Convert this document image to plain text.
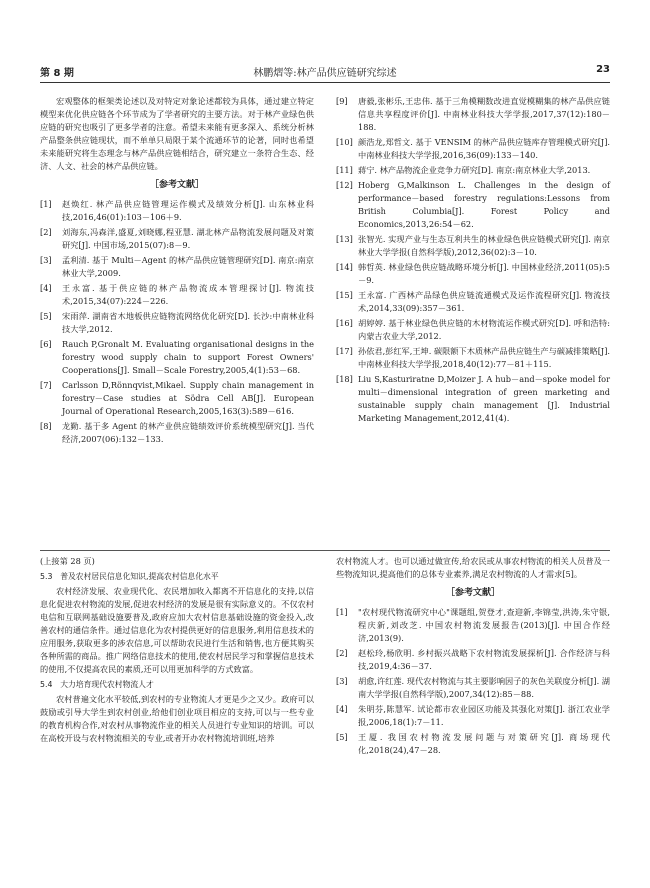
第 8 期	林鹏熠等:林产品供应链研究综述	23

宏观整体的框架类论述以及对特定对象论述都较为具体，通过建立特定模型来优化供应链各个环节成为了学者研究的主要方法。对于林产业绿色供应链的研究也吸引了更多学者的注意。希望未来能有更多深入、系统分析林产品整条供应链现状，而不单单只局限于某个流通环节的论著，同时也希望未来能研究将生态理念与林产品供应链相结合，研究建立一条符合生态、经济、人文、社会的林产品供应链。

［参考文献］
[1] 赵焕红. 林产品供应链管理运作模式及绩效分析[J]. 山东林业科技,2016,46(01):103－106＋9.
[2] 刘海东,冯森洋,盛夏,刘晓娜,程亚慧. 湖北林产品物流发展问题及对策研究[J]. 中国市场,2015(07):8－9.
[3] 孟利清. 基于 Multi－Agent 的林产品供应链管理研究[D]. 南京:南京林业大学,2009.
[4] 王永富. 基于供应链的林产品物流成本管理探讨[J]. 物流技术,2015,34(07):224－226.
[5] 宋雨萍. 湖南省木地板供应链物流网络优化研究[D]. 长沙:中南林业科技大学,2012.
[6] Rauch P,Gronalt M. Evaluating organisational designs in the forestry wood supply chain to support Forest Owners' Cooperations[J]. Small－Scale Forestry,2005,4(1):53－68.
[7] Carlsson D,Rönnqvist,Mikael. Supply chain management in forestry－Case studies at Södra Cell AB[J]. European Journal of Operational Research,2005,163(3):589－616.
[8] 龙勤. 基于多 Agent 的林产业供应链绩效评价系统模型研究[J]. 当代经济,2007(06):132－133.
[9] 唐毅,张彬乐,王忠伟. 基于三角模糊数改进直觉模糊集的林产品供应链信息共享程度评价[J]. 中南林业科技大学学报,2017,37(12):180－188.
[10] 颜浩龙,郑哲文. 基于 VENSIM 的林产品供应链库存管理模式研究[J]. 中南林业科技大学学报,2016,36(09):133－140.
[11] 蔣宁. 林产品物流企业竞争力研究[D]. 南京:南京林业大学,2013.
[12] Hoberg G,Malkinson L. Challenges in the design of performance－based forestry regulations:Lessons from British Columbia[J]. Forest Policy and Economics,2013,26:54－62.
[13] 张智光. 实现产业与生态互利共生的林业绿色供应链模式研究[J]. 南京林业大学学报(自然科学版),2012,36(02):3－10.
[14] 韩哲英. 林业绿色供应链战略环境分析[J]. 中国林业经济,2011(05):5－9.
[15] 王永富. 广西林产品绿色供应链流通模式及运作流程研究[J]. 物流技术,2014,33(09):357－361.
[16] 胡婷婷. 基于林业绿色供应链的木材物流运作模式研究[D]. 呼和浩特:内蒙古农业大学,2012.
[17] 孙依君,彭红军,王坤. 碳限额下木质林产品供应链生产与碳减排策略[J]. 中南林业科技大学学报,2018,40(12):77－81＋115.
[18] Liu S,Kasturiratne D,Moizer J. A hub－and－spoke model for multi－dimensional integration of green marketing and sustainable supply chain management [J]. Industrial Marketing Management,2012,41(4).

(上接第 28 页)

5.3　普及农村居民信息化知识,提高农村信息化水平

农村经济发展、农业现代化、农民增加收入都离不开信息化的支持,以信息化促进农村物流的发展,促进农村经济的发展是很有实际意义的。不仅农村电信和互联网基础设施要普及,政府应加大农村信息基础设施的资金投入,改善农村的通信条件。通过信息化为农村提供更好的信息服务,利用信息技术的应用服务,获取更多的涉农信息,可以帮助农民进行生活和销售,也方便其购买各种所需的商品。推广网络信息技术的使用,使农村居民学习和掌握信息技术的使用,不仅提高农民的素质,还可以用更加科学的方式致富。

5.4　大力培育现代农村物流人才

农村普遍文化水平较低,到农村的专业物流人才更是少之又少。政府可以鼓励或引导大学生到农村创业,给他们创业项目相应的支持,可以与一些专业的教育机构合作,对农村从事物流作业的相关人员进行专业知识的培训。可以在高校开设与农村物流相关的专业,或者开办农村物流培训班,培养

农村物流人才。也可以通过做宣传,给农民或从事农村物流的相关人员普及一些物流知识,提高他们的总体专业素养,满足农村物流的人才需求[5]。

［参考文献］
[1] "农村现代物流研究中心"课题组,贺登才,查迎新,李锦莹,洪涛,朱守银,程庆新,刘改芝. 中国农村物流发展报告(2013)[J]. 中国合作经济,2013(9).
[2] 赵松玲,杨欣明. 乡村振兴战略下农村物流发展探析[J]. 合作经济与科技,2019,4:36－37.
[3] 胡愈,许红莲. 现代农村物流与其主要影响因子的灰色关联度分析[J]. 湖南大学学报(自然科学版),2007,34(12):85－88.
[4] 朱明芬,陈慧军. 试论都市农业园区功能及其强化对策[J]. 浙江农业学报,2006,18(1):7－11.
[5] 王厦. 我国农村物流发展问题与对策研究[J]. 商场现代化,2018(24),47－28.
